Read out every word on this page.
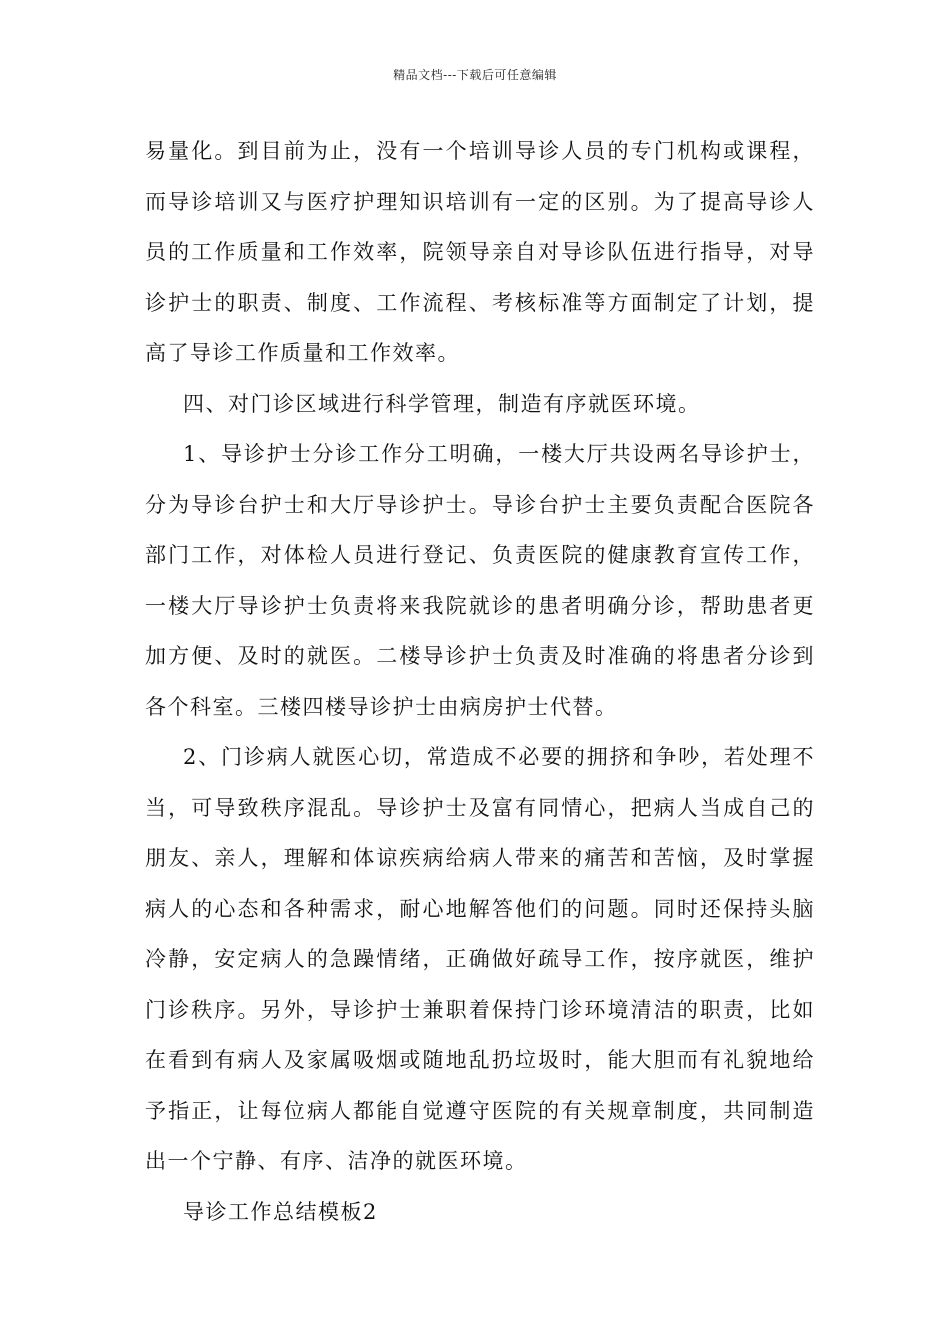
精品文档---下载后可任意编辑

易量化。到目前为止，没有一个培训导诊人员的专门机构或课程，而导诊培训又与医疗护理知识培训有一定的区别。为了提高导诊人员的工作质量和工作效率，院领导亲自对导诊队伍进行指导，对导诊护士的职责、制度、工作流程、考核标准等方面制定了计划，提高了导诊工作质量和工作效率。

四、对门诊区域进行科学管理，制造有序就医环境。

1、导诊护士分诊工作分工明确，一楼大厅共设两名导诊护士，分为导诊台护士和大厅导诊护士。导诊台护士主要负责配合医院各部门工作，对体检人员进行登记、负责医院的健康教育宣传工作，一楼大厅导诊护士负责将来我院就诊的患者明确分诊，帮助患者更加方便、及时的就医。二楼导诊护士负责及时准确的将患者分诊到各个科室。三楼四楼导诊护士由病房护士代替。

2、门诊病人就医心切，常造成不必要的拥挤和争吵，若处理不当，可导致秩序混乱。导诊护士及富有同情心，把病人当成自己的朋友、亲人，理解和体谅疾病给病人带来的痛苦和苦恼，及时掌握病人的心态和各种需求，耐心地解答他们的问题。同时还保持头脑冷静，安定病人的急躁情绪，正确做好疏导工作，按序就医，维护门诊秩序。另外，导诊护士兼职着保持门诊环境清洁的职责，比如在看到有病人及家属吸烟或随地乱扔垃圾时，能大胆而有礼貌地给予指正，让每位病人都能自觉遵守医院的有关规章制度，共同制造出一个宁静、有序、洁净的就医环境。

导诊工作总结模板2
